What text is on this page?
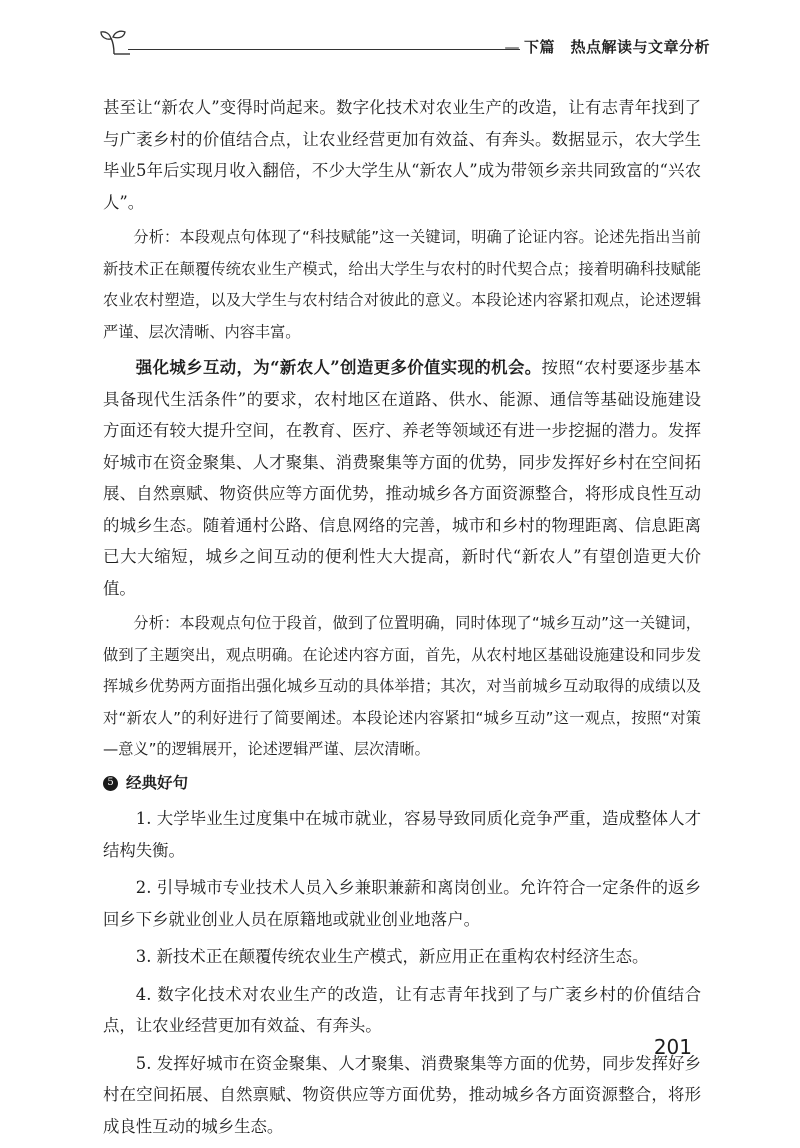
— 下篇　热点解读与文章分析

甚至让“新农人”变得时尚起来。数字化技术对农业生产的改造，让有志青年找到了与广袤乡村的价值结合点，让农业经营更加有效益、有奔头。数据显示，农大学生毕业5年后实现月收入翻倍，不少大学生从“新农人”成为带领乡亲共同致富的“兴农人”。

分析：本段观点句体现了“科技赋能”这一关键词，明确了论证内容。论述先指出当前新技术正在颠覆传统农业生产模式，给出大学生与农村的时代契合点；接着明确科技赋能农业农村塑造，以及大学生与农村结合对彼此的意义。本段论述内容紧扣观点，论述逻辑严谨、层次清晰、内容丰富。

强化城乡互动，为“新农人”创造更多价值实现的机会。按照“农村要逐步基本具备现代生活条件”的要求，农村地区在道路、供水、能源、通信等基础设施建设方面还有较大提升空间，在教育、医疗、养老等领域还有进一步挖掘的潜力。发挥好城市在资金聚集、人才聚集、消费聚集等方面的优势，同步发挥好乡村在空间拓展、自然禀赋、物资供应等方面优势，推动城乡各方面资源整合，将形成良性互动的城乡生态。随着通村公路、信息网络的完善，城市和乡村的物理距离、信息距离已大大缩短，城乡之间互动的便利性大大提高，新时代“新农人”有望创造更大价值。

分析：本段观点句位于段首，做到了位置明确，同时体现了“城乡互动”这一关键词，做到了主题突出，观点明确。在论述内容方面，首先，从农村地区基础设施建设和同步发挥城乡优势两方面指出强化城乡互动的具体举措；其次，对当前城乡互动取得的成绩以及对“新农人”的利好进行了简要阐述。本段论述内容紧扣“城乡互动”这一观点，按照“对策—意义”的逻辑展开，论述逻辑严谨、层次清晰。

5 经典好句

1. 大学毕业生过度集中在城市就业，容易导致同质化竞争严重，造成整体人才结构失衡。

2. 引导城市专业技术人员入乡兼职兼薪和离岗创业。允许符合一定条件的返乡回乡下乡就业创业人员在原籍地或就业创业地落户。

3. 新技术正在颠覆传统农业生产模式，新应用正在重构农村经济生态。

4. 数字化技术对农业生产的改造，让有志青年找到了与广袤乡村的价值结合点，让农业经营更加有效益、有奔头。

5. 发挥好城市在资金聚集、人才聚集、消费聚集等方面的优势，同步发挥好乡村在空间拓展、自然禀赋、物资供应等方面优势，推动城乡各方面资源整合，将形成良性互动的城乡生态。

201
